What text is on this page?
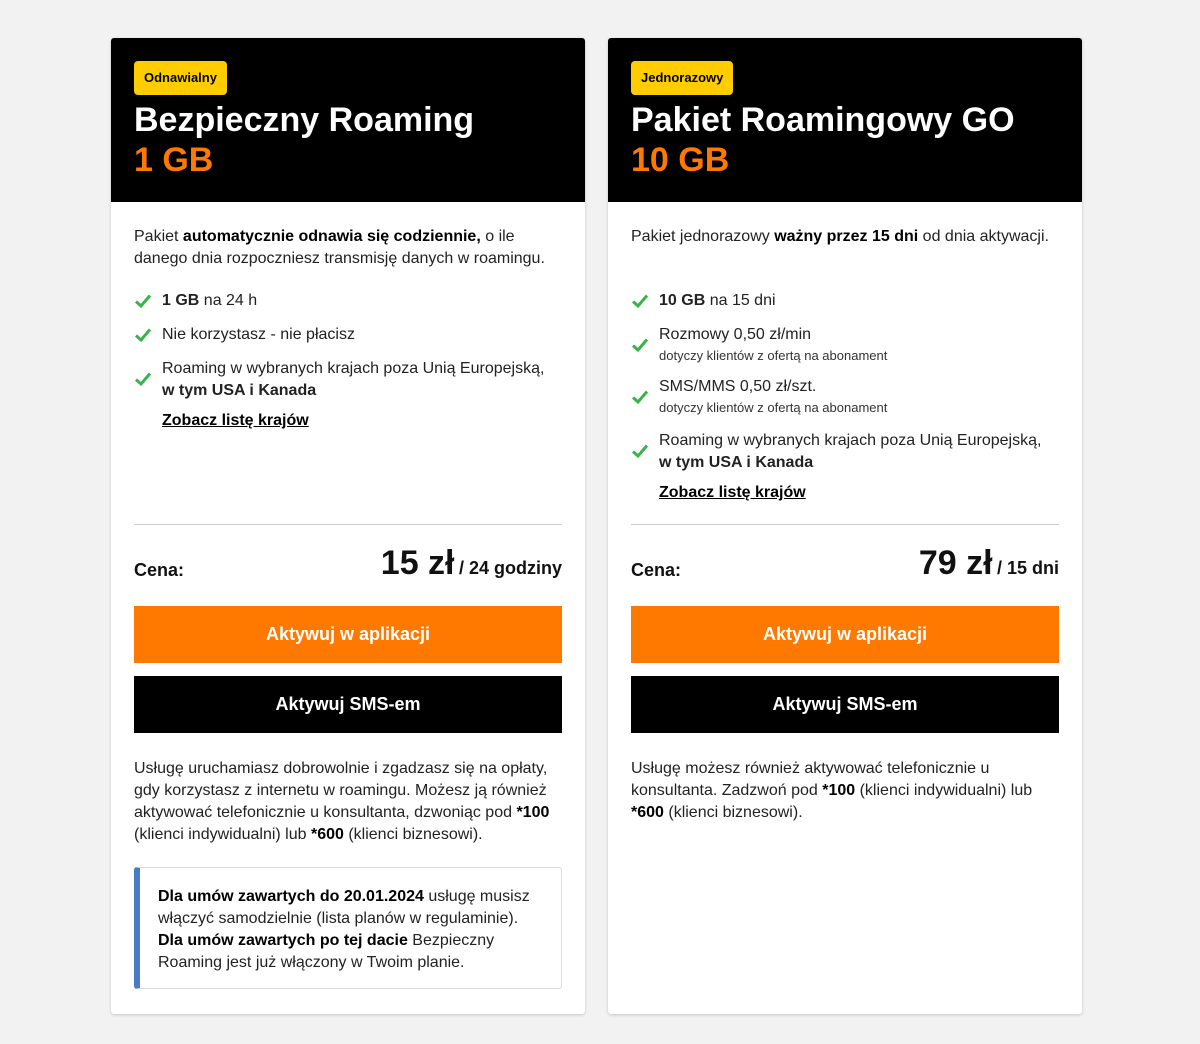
Odnawialny
Bezpieczny Roaming
1 GB
Pakiet automatycznie odnawia się codziennie, o ile danego dnia rozpoczniesz transmisję danych w roamingu.
1 GB na 24 h
Nie korzystasz - nie płacisz
Roaming w wybranych krajach poza Unią Europejską,
w tym USA i Kanada
Zobacz listę krajów
Cena:	15 zł / 24 godziny
Aktywuj w aplikacji
Aktywuj SMS-em
Usługę uruchamiasz dobrowolnie i zgadzasz się na opłaty, gdy korzystasz z internetu w roamingu. Możesz ją również aktywować telefonicznie u konsultanta, dzwoniąc pod *100 (klienci indywidualni) lub *600 (klienci biznesowi).
Dla umów zawartych do 20.01.2024 usługę musisz włączyć samodzielnie (lista planów w regulaminie). Dla umów zawartych po tej dacie Bezpieczny Roaming jest już włączony w Twoim planie.
Jednorazowy
Pakiet Roamingowy GO
10 GB
Pakiet jednorazowy ważny przez 15 dni od dnia aktywacji.
10 GB na 15 dni
Rozmowy 0,50 zł/min
dotyczy klientów z ofertą na abonament
SMS/MMS 0,50 zł/szt.
dotyczy klientów z ofertą na abonament
Roaming w wybranych krajach poza Unią Europejską,
w tym USA i Kanada
Zobacz listę krajów
Cena:	79 zł / 15 dni
Aktywuj w aplikacji
Aktywuj SMS-em
Usługę możesz również aktywować telefonicznie u konsultanta. Zadzwoń pod *100 (klienci indywidualni) lub *600 (klienci biznesowi).
